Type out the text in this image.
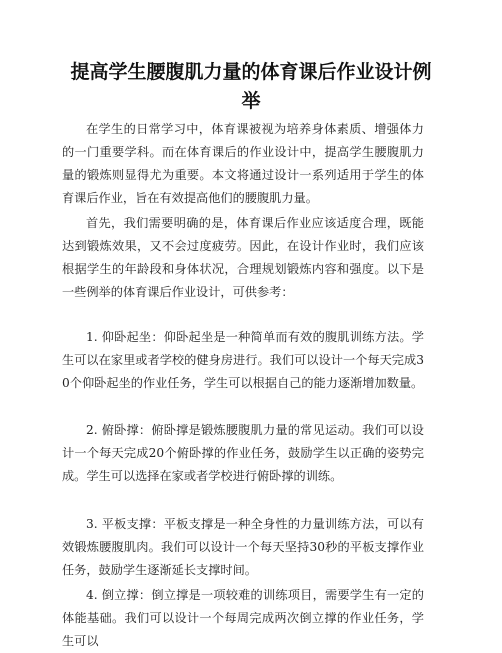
提高学生腰腹肌力量的体育课后作业设计例举

在学生的日常学习中，体育课被视为培养身体素质、增强体力的一门重要学科。而在体育课后的作业设计中，提高学生腰腹肌力量的锻炼则显得尤为重要。本文将通过设计一系列适用于学生的体育课后作业，旨在有效提高他们的腰腹肌力量。

首先，我们需要明确的是，体育课后作业应该适度合理，既能达到锻炼效果，又不会过度疲劳。因此，在设计作业时，我们应该根据学生的年龄段和身体状况，合理规划锻炼内容和强度。以下是一些例举的体育课后作业设计，可供参考：

1. 仰卧起坐：仰卧起坐是一种简单而有效的腹肌训练方法。学生可以在家里或者学校的健身房进行。我们可以设计一个每天完成30个仰卧起坐的作业任务，学生可以根据自己的能力逐渐增加数量。

2. 俯卧撑：俯卧撑是锻炼腰腹肌力量的常见运动。我们可以设计一个每天完成20个俯卧撑的作业任务，鼓励学生以正确的姿势完成。学生可以选择在家或者学校进行俯卧撑的训练。

3. 平板支撑：平板支撑是一种全身性的力量训练方法，可以有效锻炼腰腹肌肉。我们可以设计一个每天坚持30秒的平板支撑作业任务，鼓励学生逐渐延长支撑时间。

4. 倒立撑：倒立撑是一项较难的训练项目，需要学生有一定的体能基础。我们可以设计一个每周完成两次倒立撑的作业任务，学生可以
